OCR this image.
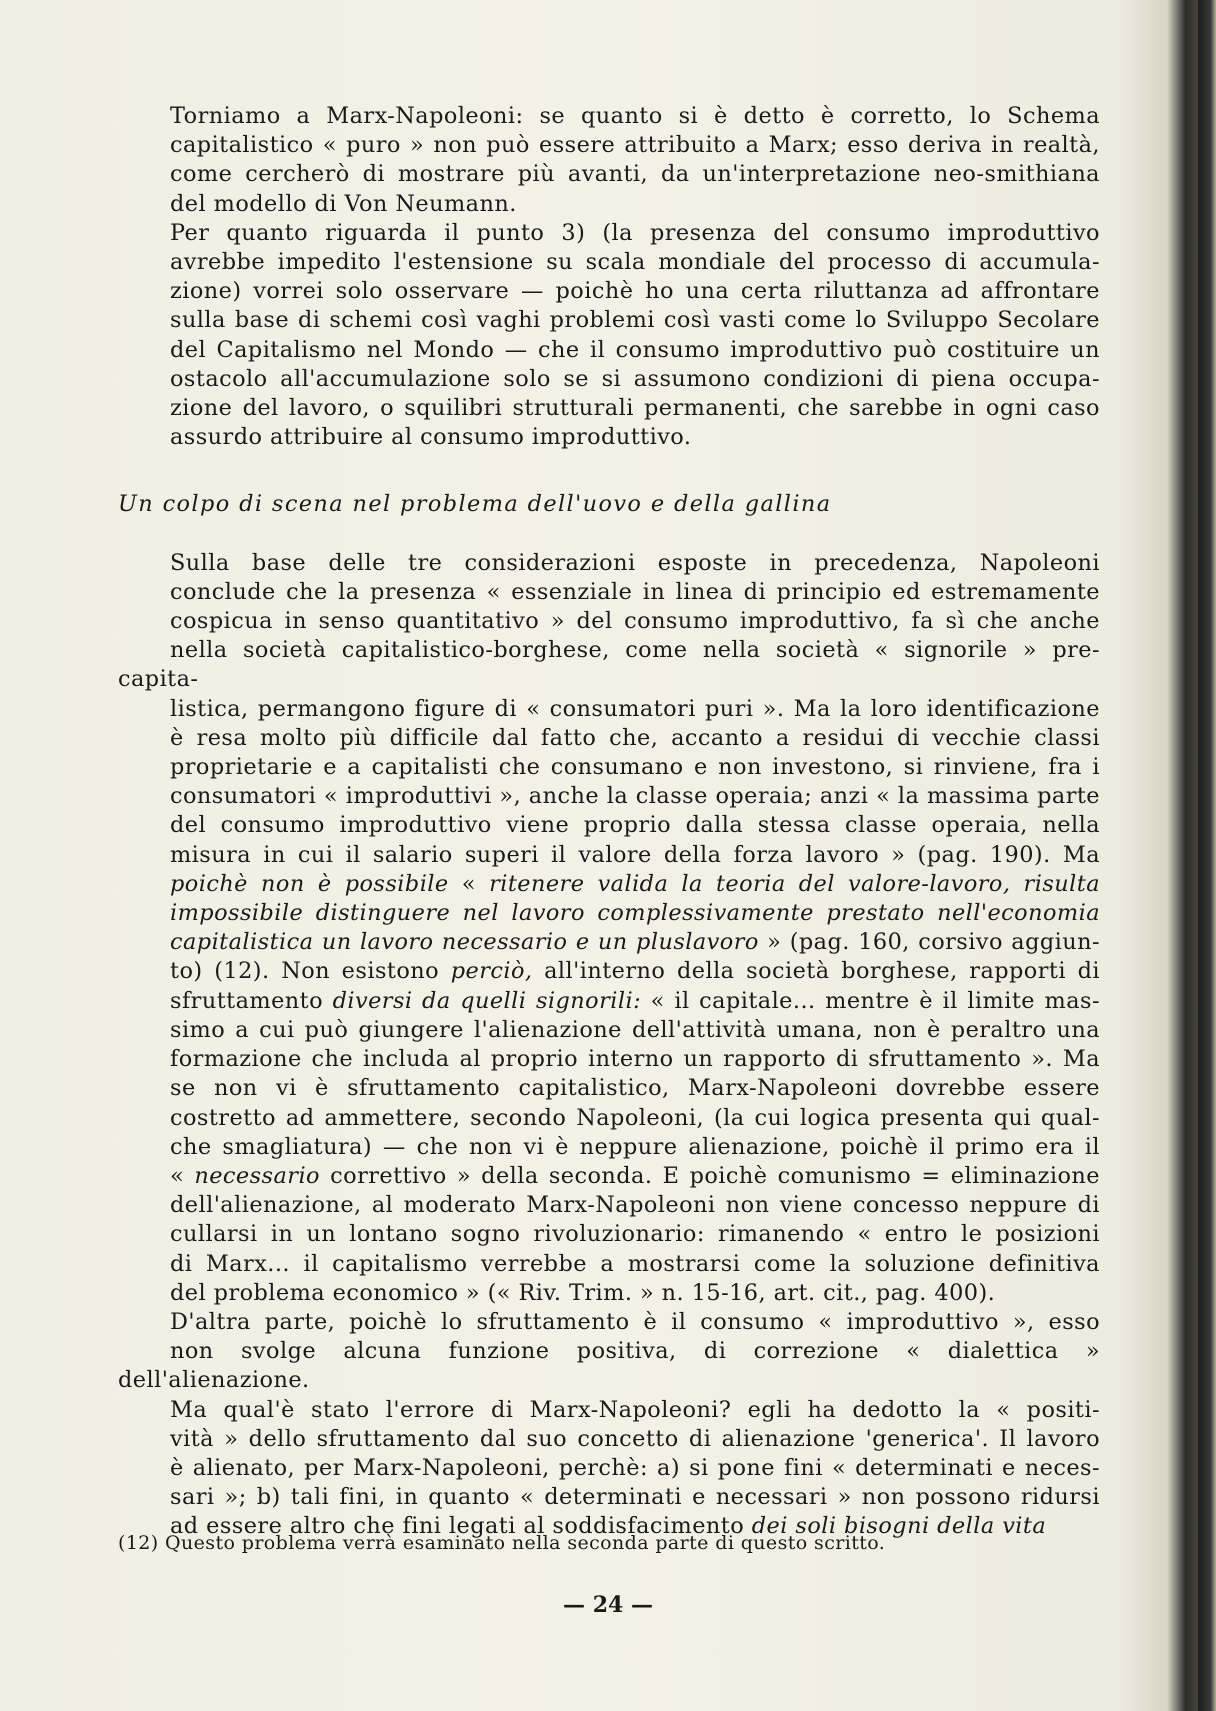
Torniamo a Marx-Napoleoni: se quanto si è detto è corretto, lo Schema
capitalistico « puro » non può essere attribuito a Marx; esso deriva in realtà,
come cercherò di mostrare più avanti, da un'interpretazione neo-smithiana
del modello di Von Neumann.

Per quanto riguarda il punto 3) (la presenza del consumo improduttivo
avrebbe impedito l'estensione su scala mondiale del processo di accumula-
zione) vorrei solo osservare — poichè ho una certa riluttanza ad affrontare
sulla base di schemi così vaghi problemi così vasti come lo Sviluppo Secolare
del Capitalismo nel Mondo — che il consumo improduttivo può costituire un
ostacolo all'accumulazione solo se si assumono condizioni di piena occupa-
zione del lavoro, o squilibri strutturali permanenti, che sarebbe in ogni caso
assurdo attribuire al consumo improduttivo.

Un colpo di scena nel problema dell'uovo e della gallina

Sulla base delle tre considerazioni esposte in precedenza, Napoleoni
conclude che la presenza « essenziale in linea di principio ed estremamente
cospicua in senso quantitativo » del consumo improduttivo, fa sì che anche
nella società capitalistico-borghese, come nella società « signorile » pre-capita-
listica, permangono figure di « consumatori puri ». Ma la loro identificazione
è resa molto più difficile dal fatto che, accanto a residui di vecchie classi
proprietarie e a capitalisti che consumano e non investono, si rinviene, fra i
consumatori « improduttivi », anche la classe operaia; anzi « la massima parte
del consumo improduttivo viene proprio dalla stessa classe operaia, nella
misura in cui il salario superi il valore della forza lavoro » (pag. 190). Ma
poichè non è possibile « ritenere valida la teoria del valore-lavoro, risulta
impossibile distinguere nel lavoro complessivamente prestato nell'economia
capitalistica un lavoro necessario e un pluslavoro » (pag. 160, corsivo aggiun-
to) (12). Non esistono perciò, all'interno della società borghese, rapporti di
sfruttamento diversi da quelli signorili: « il capitale... mentre è il limite mas-
simo a cui può giungere l'alienazione dell'attività umana, non è peraltro una
formazione che includa al proprio interno un rapporto di sfruttamento ». Ma
se non vi è sfruttamento capitalistico, Marx-Napoleoni dovrebbe essere
costretto ad ammettere, secondo Napoleoni, (la cui logica presenta qui qual-
che smagliatura) — che non vi è neppure alienazione, poichè il primo era il
« necessario correttivo » della seconda. E poichè comunismo = eliminazione
dell'alienazione, al moderato Marx-Napoleoni non viene concesso neppure di
cullarsi in un lontano sogno rivoluzionario: rimanendo « entro le posizioni
di Marx... il capitalismo verrebbe a mostrarsi come la soluzione definitiva
del problema economico » (« Riv. Trim. » n. 15-16, art. cit., pag. 400).

D'altra parte, poichè lo sfruttamento è il consumo « improduttivo », esso
non svolge alcuna funzione positiva, di correzione « dialettica » dell'alienazione.

Ma qual'è stato l'errore di Marx-Napoleoni? egli ha dedotto la « positi-
vità » dello sfruttamento dal suo concetto di alienazione 'generica'. Il lavoro
è alienato, per Marx-Napoleoni, perchè: a) si pone fini « determinati e neces-
sari »; b) tali fini, in quanto « determinati e necessari » non possono ridursi
ad essere altro che fini legati al soddisfacimento dei soli bisogni della vita

(12) Questo problema verrà esaminato nella seconda parte di questo scritto.
— 24 —
